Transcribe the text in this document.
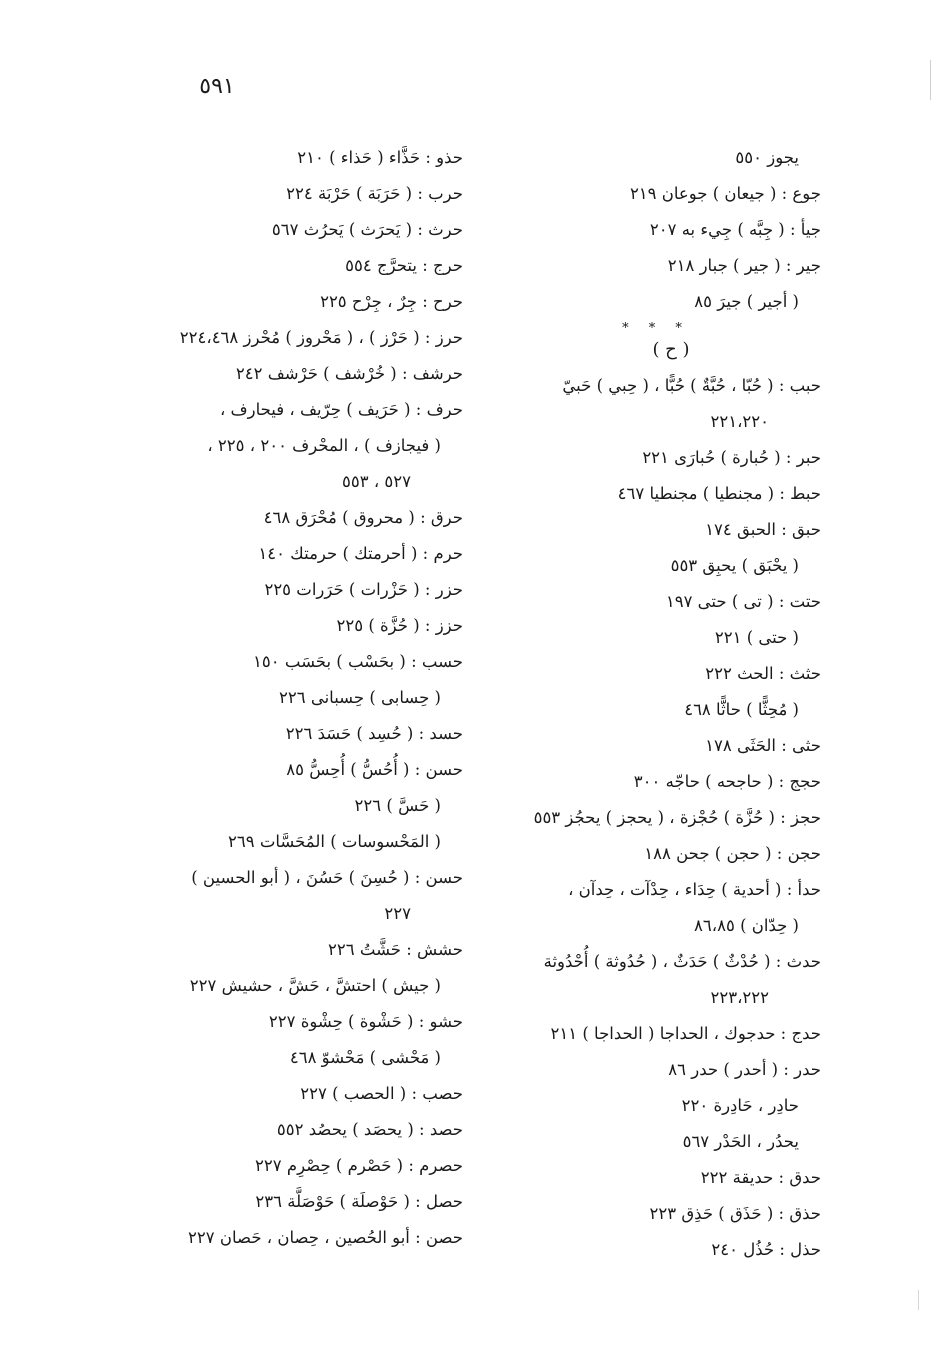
٥٩١
يجوز ٥٥٠
جوع : ( جيعان ) جوعان ٢١٩
جيأ : ( جِبَّه ) جِيء به ٢٠٧
جير : ( جير ) جبار ٢١٨
( أجير ) جيرَ ٨٥
* * *
( ح )
حبب : ( حُبّا ، حُبَّةٌ ) حُبًّا ، ( حِبي ) حَبيّ
٢٢١،٢٢٠
حبر : ( حُبارة ) حُبارَى ٢٢١
حبط : ( مجنطيا ) مجنطيا ٤٦٧
حبق : الحبق ١٧٤
( يحْبَق ) يحبِق ٥٥٣
حتت : ( تى ) حتى ١٩٧
( حتى ) ٢٢١
حثث : الحث ٢٢٢
( مُحِثًّا ) حاثًّا ٤٦٨
حثى : الحَثَى ١٧٨
حجج : ( حاجحه ) حاجّه ٣٠٠
حجز : ( حُزَّة ) حُجْزة ، ( يحجز ) يحجُز ٥٥٣
حجن : ( حجن ) جحن ١٨٨
حدأ : ( أحدية ) حِدَاء ، حِدْآت ، حِدآن ،
( حِدّان ) ٨٦،٨٥
حدث : ( حُدْثٌ ) حَدَثٌ ، ( حُدُوثة ) أُحْدُوثة
٢٢٣،٢٢٢
حدج : حدجوك ، الحداجا ( الحداجا ) ٢١١
حدر : ( أحدر ) حدر ٨٦
حادِر ، حَادِرة ٢٢٠
يحدُر ، الحَدْر ٥٦٧
حدق : حديقة ٢٢٢
حذق : ( حَذَق ) حَذِق ٢٢٣
حذل : حُذُل ٢٤٠
حذو : حَذَّاء ( حَذاء ) ٢١٠
حرب : ( حَرَبَة ) حَرْبَة ٢٢٤
حرث : ( يَحرَث ) يَحرُث ٥٦٧
حرج : يتحرَّج ٥٥٤
حرح : جِرٌ ، جِرْح ٢٢٥
حرز : ( حَرْز ) ، ( مَحْروز ) مُحْرز ٢٢٤،٤٦٨
حرشف : ( خُرْشف ) حَرْشف ٢٤٢
حرف : ( حَرَيف ) حِرّيف ، فيحارف ،
( فيجازف ) ، المحْرف ٢٠٠ ، ٢٢٥ ،
٥٢٧ ، ٥٥٣
حرق : ( محروق ) مُحْرَق ٤٦٨
حرم : ( أحرمتك ) حرمتك ١٤٠
حزر : ( حَزْرات ) حَرَرات ٢٢٥
حزز : ( حُزَّة ) ٢٢٥
حسب : ( بحَسْب ) بحَسَب ١٥٠
( حِسابى ) حِسبانى ٢٢٦
حسد : ( حُسِد ) حَسَدَ ٢٢٦
حسن : ( أُحُسُّ ) أُحِسُّ ٨٥
( حَسَّ ) ٢٢٦
( المَحْسوسات ) المُحَسَّات ٢٦٩
حسن : ( حُسِنَ ) حَسُنَ ، ( أبو الحسين )
٢٢٧
حشش : حَشَّتُ ٢٢٦
( جيش ) احتشَّ ، حَشَّ ، حشيش ٢٢٧
حشو : ( حَشْوة ) حِشْوة ٢٢٧
( مَحْشى ) مَحْشوّ ٤٦٨
حصب : ( الحصب ) ٢٢٧
حصد : ( يحصَد ) يحصُد ٥٥٢
حصرم : ( حَصْرم ) حِصْرِم ٢٢٧
حصل : ( حَوْصلَة ) حَوْصَلَّة ٢٣٦
حصن : أبو الحُصين ، حِصان ، حَصان ٢٢٧
